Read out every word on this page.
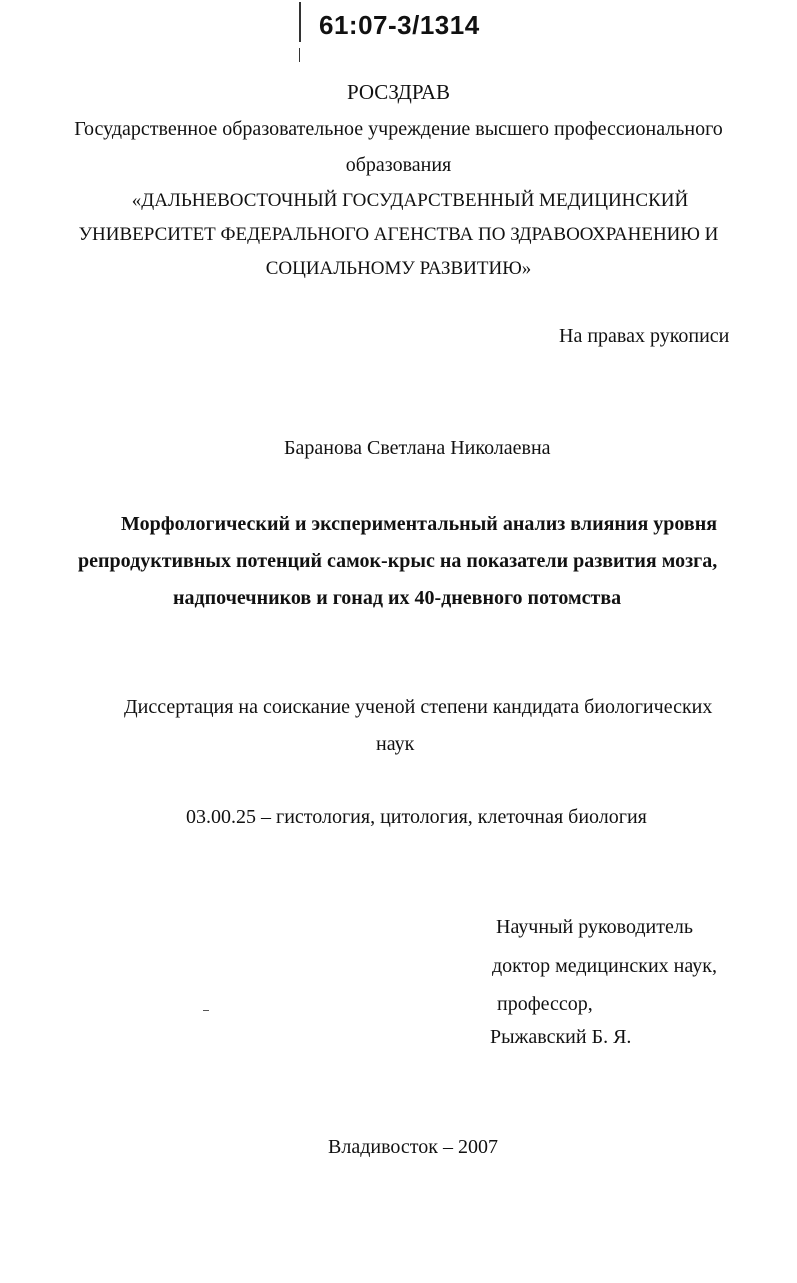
61:07-3/1314
РОСЗДРАВ
Государственное образовательное учреждение высшего профессионального
образования
«ДАЛЬНЕВОСТОЧНЫЙ ГОСУДАРСТВЕННЫЙ МЕДИЦИНСКИЙ
УНИВЕРСИТЕТ ФЕДЕРАЛЬНОГО АГЕНСТВА ПО ЗДРАВООХРАНЕНИЮ И
СОЦИАЛЬНОМУ РАЗВИТИЮ»
На правах рукописи
Баранова Светлана Николаевна
Морфологический и экспериментальный анализ влияния уровня
репродуктивных потенций самок-крыс на показатели развития мозга,
надпочечников и гонад их 40-дневного потомства
Диссертация на соискание ученой степени кандидата биологических
наук
03.00.25 – гистология, цитология, клеточная биология
Научный руководитель
доктор медицинских наук,
профессор,
Рыжавский Б. Я.
Владивосток – 2007
